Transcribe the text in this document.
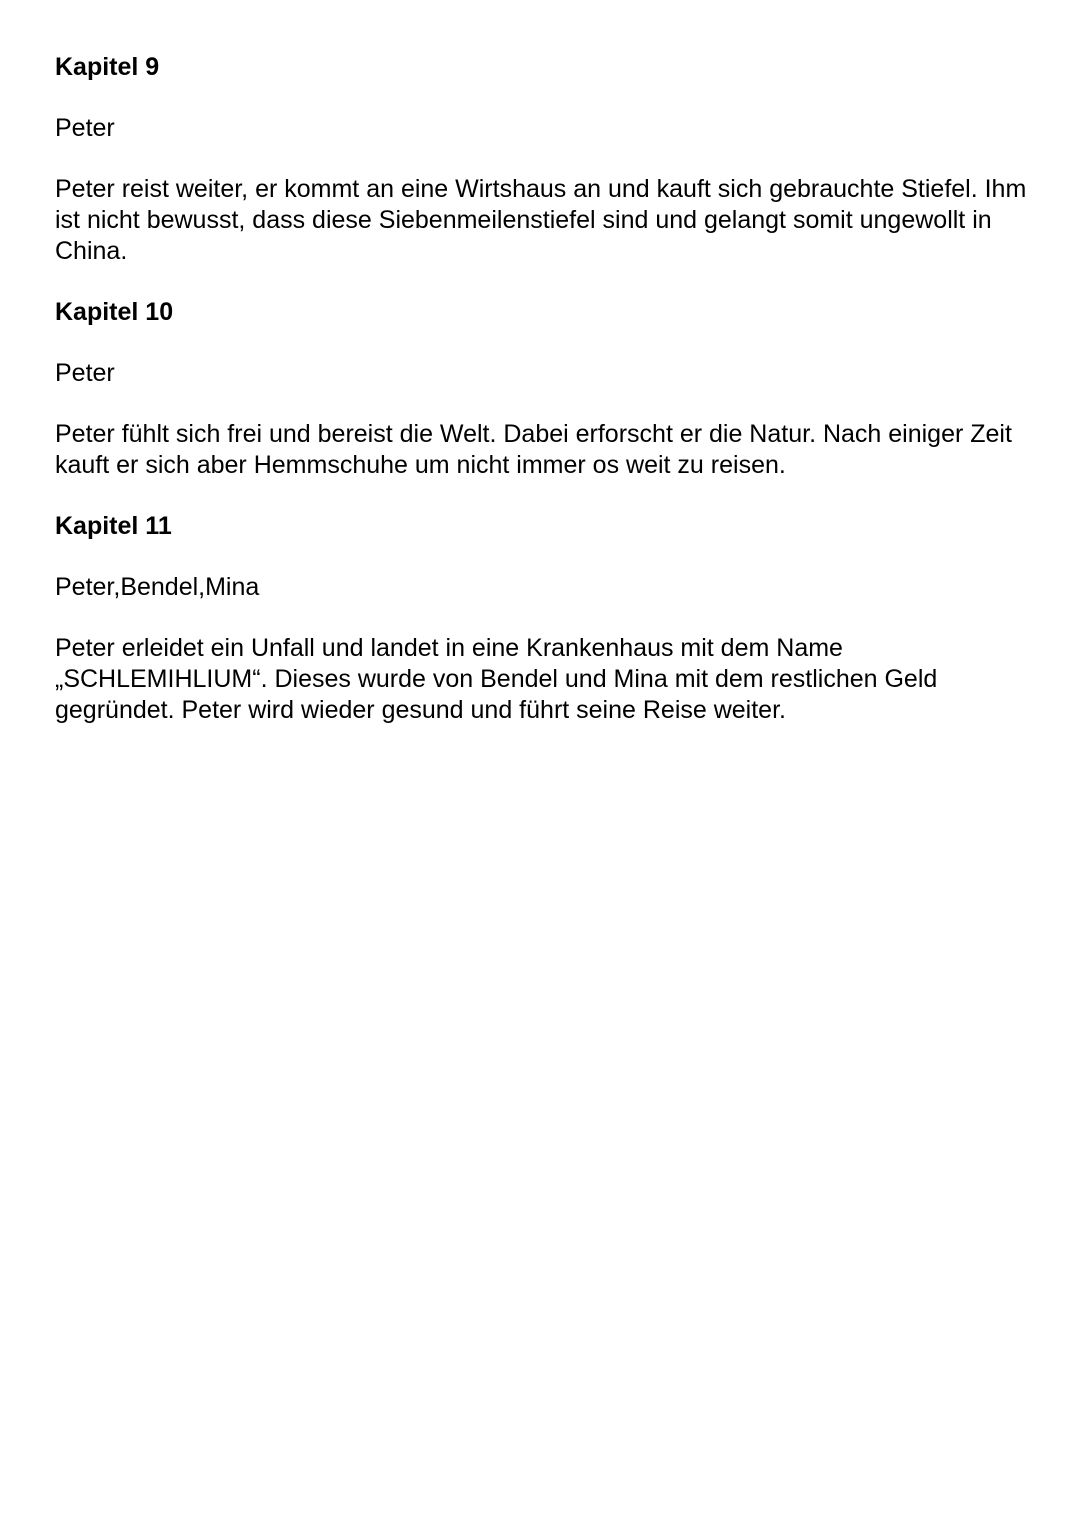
Kapitel 9

Peter

Peter reist weiter, er kommt an eine Wirtshaus an und kauft sich gebrauchte Stiefel. Ihm ist nicht bewusst, dass diese Siebenmeilenstiefel sind und gelangt somit ungewollt in China.

Kapitel 10

Peter

Peter fühlt sich frei und bereist die Welt. Dabei erforscht er die Natur. Nach einiger Zeit kauft er sich aber Hemmschuhe um nicht immer os weit zu reisen.

Kapitel 11

Peter,Bendel,Mina

Peter erleidet ein Unfall und landet in eine Krankenhaus mit dem Name „SCHLEMIHLIUM“. Dieses wurde von Bendel und Mina mit dem restlichen Geld gegründet. Peter wird wieder gesund und führt seine Reise weiter.
